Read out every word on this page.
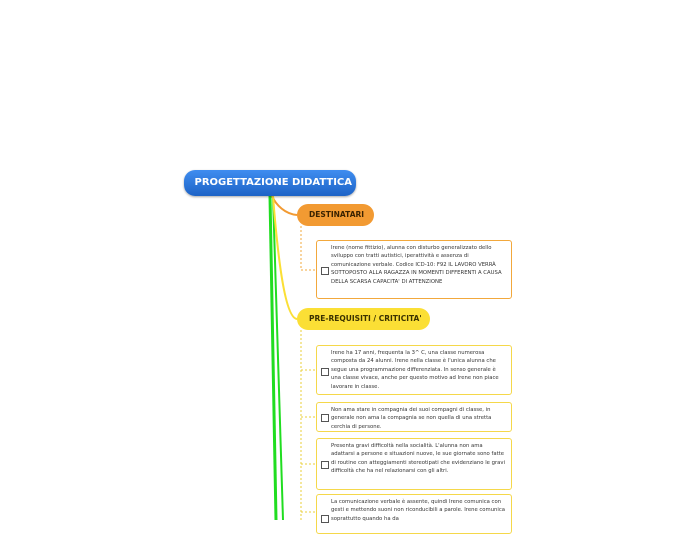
PROGETTAZIONE DIDATTICA
DESTINATARI
PRE-REQUISITI / CRITICITA'
Irene (nome fittizio), alunna con disturbo generalizzato dello sviluppo con tratti autistici, iperattività e assenza di comunicazione verbale. Codice ICD-10: F92 IL LAVORO VERRÀ SOTTOPOSTO ALLA RAGAZZA IN MOMENTI DIFFERENTI A CAUSA DELLA SCARSA CAPACITA' DI ATTENZIONE
Irene ha 17 anni, frequenta la 3^ C, una classe numerosa composta da 24 alunni. Irene nella classe è l'unica alunna che segue una programmazione differenziata. In senso generale è una classe vivace, anche per questo motivo ad Irene non piace lavorare in classe.
Non ama stare in compagnia dei suoi compagni di classe, in generale non ama la compagnia se non quella di una stretta cerchia di persone.
Presenta gravi difficoltà nella socialità. L'alunna non ama adattarsi a persone e situazioni nuove, le sue giornate sono fatte di routine con atteggiamenti stereotipati che evidenziano le gravi difficoltà che ha nel relazionarsi con gli altri.
La comunicazione verbale è assente, quindi Irene comunica con gesti e mettendo suoni non riconducibili a parole. Irene comunica soprattutto quando ha da
